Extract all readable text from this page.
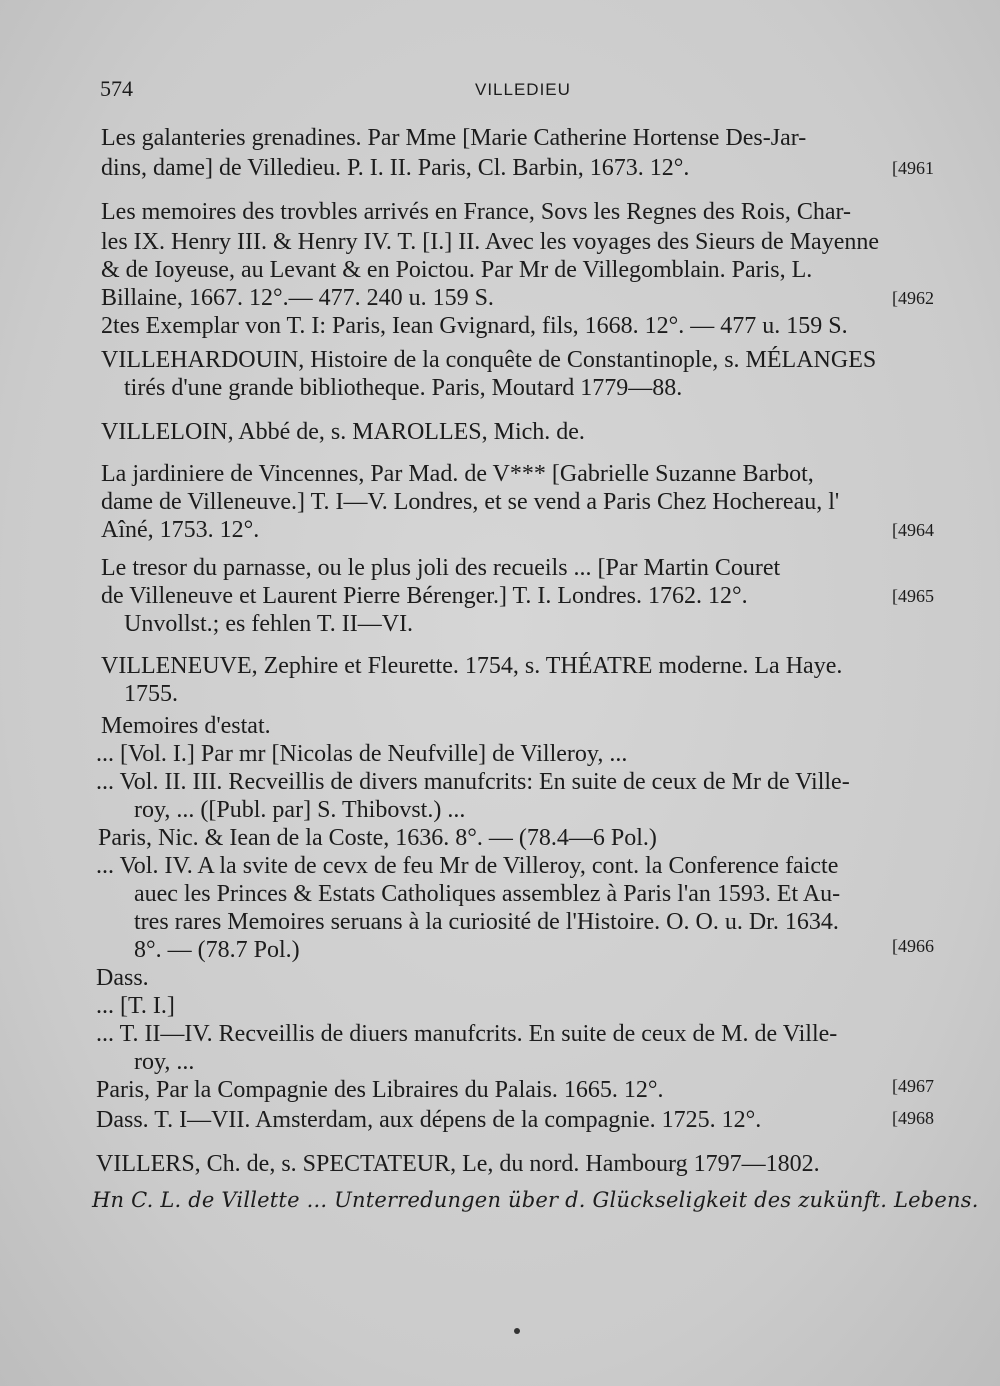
574	VILLEDIEU
Les galanteries grenadines. Par Mme [Marie Catherine Hortense Des-Jar-
dins, dame] de Villedieu. P. I. II. Paris, Cl. Barbin, 1673. 12°.
Les memoires des trovbles arrivés en France, Sovs les Regnes des Rois, Char-
les IX. Henry III. & Henry IV. T. [I.] II. Avec les voyages des Sieurs de Mayenne
& de Ioyeuse, au Levant & en Poictou. Par Mr de Villegomblain. Paris, L.
Billaine, 1667. 12°.— 477. 240 u. 159 S.
2tes Exemplar von T. I: Paris, Iean Gvignard, fils, 1668. 12°. — 477 u. 159 S.
VILLEHARDOUIN, Histoire de la conquête de Constantinople, s. MÉLANGES
tirés d'une grande bibliotheque. Paris, Moutard 1779—88.
VILLELOIN, Abbé de, s. MAROLLES, Mich. de.
La jardiniere de Vincennes, Par Mad. de V*** [Gabrielle Suzanne Barbot,
dame de Villeneuve.] T. I—V. Londres, et se vend a Paris Chez Hochereau, l'
Aîné, 1753. 12°.
Le tresor du parnasse, ou le plus joli des recueils ... [Par Martin Couret
de Villeneuve et Laurent Pierre Bérenger.] T. I. Londres. 1762. 12°.
Unvollst.; es fehlen T. II—VI.
VILLENEUVE, Zephire et Fleurette. 1754, s. THÉATRE moderne. La Haye.
1755.
Memoires d'estat.
... [Vol. I.] Par mr [Nicolas de Neufville] de Villeroy, ...
... Vol. II. III. Recveillis de divers manufcrits: En suite de ceux de Mr de Ville-
roy, ... ([Publ. par] S. Thibovst.) ...
Paris, Nic. & Iean de la Coste, 1636. 8°. — (78.4—6 Pol.)
... Vol. IV. A la svite de cevx de feu Mr de Villeroy, cont. la Conference faicte
auec les Princes & Estats Catholiques assemblez à Paris l'an 1593. Et Au-
tres rares Memoires seruans à la curiosité de l'Histoire. O. O. u. Dr. 1634.
8°. — (78.7 Pol.)
Dass.
... [T. I.]
... T. II—IV. Recveillis de diuers manufcrits. En suite de ceux de M. de Ville-
roy, ...
Paris, Par la Compagnie des Libraires du Palais. 1665. 12°.
Dass. T. I—VII. Amsterdam, aux dépens de la compagnie. 1725. 12°.
VILLERS, Ch. de, s. SPECTATEUR, Le, du nord. Hambourg 1797—1802.
[4961
[4962
[4964
[4965
[4966
[4967
[4968
Hn C. L. de Villette ... Unterredungen über d. Glückseligkeit des zukünft. Lebens.
